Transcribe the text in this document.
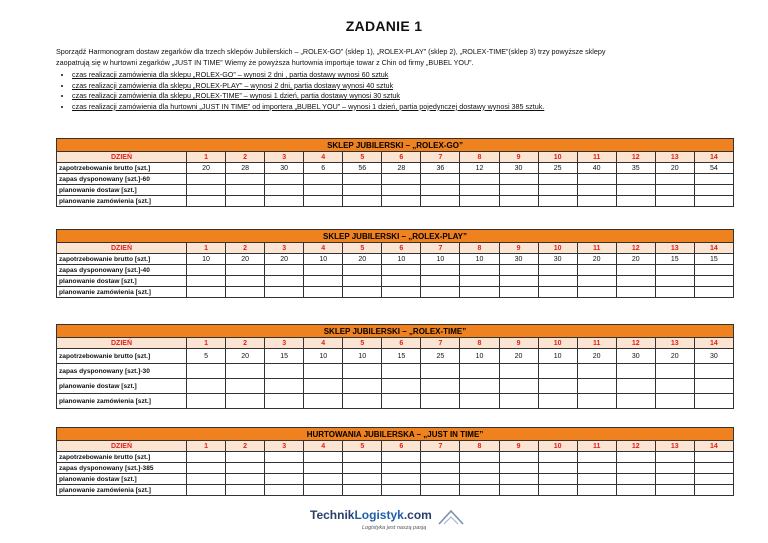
ZADANIE 1

Sporządź Harmonogram dostaw zegarków dla trzech sklepów Jubilerskich – „ROLEX-GO” (sklep 1), „ROLEX-PLAY” (sklep 2), „ROLEX-TIME”(sklep 3) trzy powyższe sklepy

zaopatrują się w hurtowni zegarków „JUST IN TIME” Wiemy że powyższa hurtownia importuje towar z Chin od firmy „BUBEL YOU”.

• czas realizacji zamówienia dla sklepu „ROLEX-GO” – wynosi 2 dni , partia dostawy wynosi 60 sztuk
• czas realizacji zamówienia dla sklepu „ROLEX-PLAY” – wynosi 2 dni, partia dostawy wynosi 40 sztuk
• czas realizacji zamówienia dla sklepu „ROLEX-TIME” – wynosi 1 dzień, partia dostawy wynosi 30 sztuk
• czas realizacji zamówienia dla hurtowni „JUST IN TIME” od importera „BUBEL YOU” – wynosi 1 dzień, partia pojedynczej dostawy wynosi 385 sztuk.
SKLEP JUBILERSKI – „ROLEX-GO”														
DZIEŃ	1	2	3	4	5	6	7	8	9	10	11	12	13	14
zapotrzebowanie brutto [szt.]	20	28	30	6	56	28	36	12	30	25	40	35	20	54
zapas dysponowany [szt.]-60														
planowanie dostaw [szt.]														
planowanie zamówienia [szt.]														
SKLEP JUBILERSKI – „ROLEX-PLAY”														
DZIEŃ	1	2	3	4	5	6	7	8	9	10	11	12	13	14
zapotrzebowanie brutto [szt.]	10	20	20	10	20	10	10	10	30	30	20	20	15	15
zapas dysponowany [szt.]-40														
planowanie dostaw [szt.]														
planowanie zamówienia [szt.]														
SKLEP JUBILERSKI – „ROLEX-TIME”														
DZIEŃ	1	2	3	4	5	6	7	8	9	10	11	12	13	14
zapotrzebowanie brutto [szt.]	5	20	15	10	10	15	25	10	20	10	20	30	20	30
zapas dysponowany [szt.]-30														
planowanie dostaw [szt.]														
planowanie zamówienia [szt.]														
HURTOWANIA JUBILERSKA – „JUST IN TIME”														
DZIEŃ	1	2	3	4	5	6	7	8	9	10	11	12	13	14
zapotrzebowanie brutto [szt.]														
zapas dysponowany [szt.]-385														
planowanie dostaw [szt.]														
planowanie zamówienia [szt.]														
TechnikLogistyk.com
Logistyka jest naszą pasją
